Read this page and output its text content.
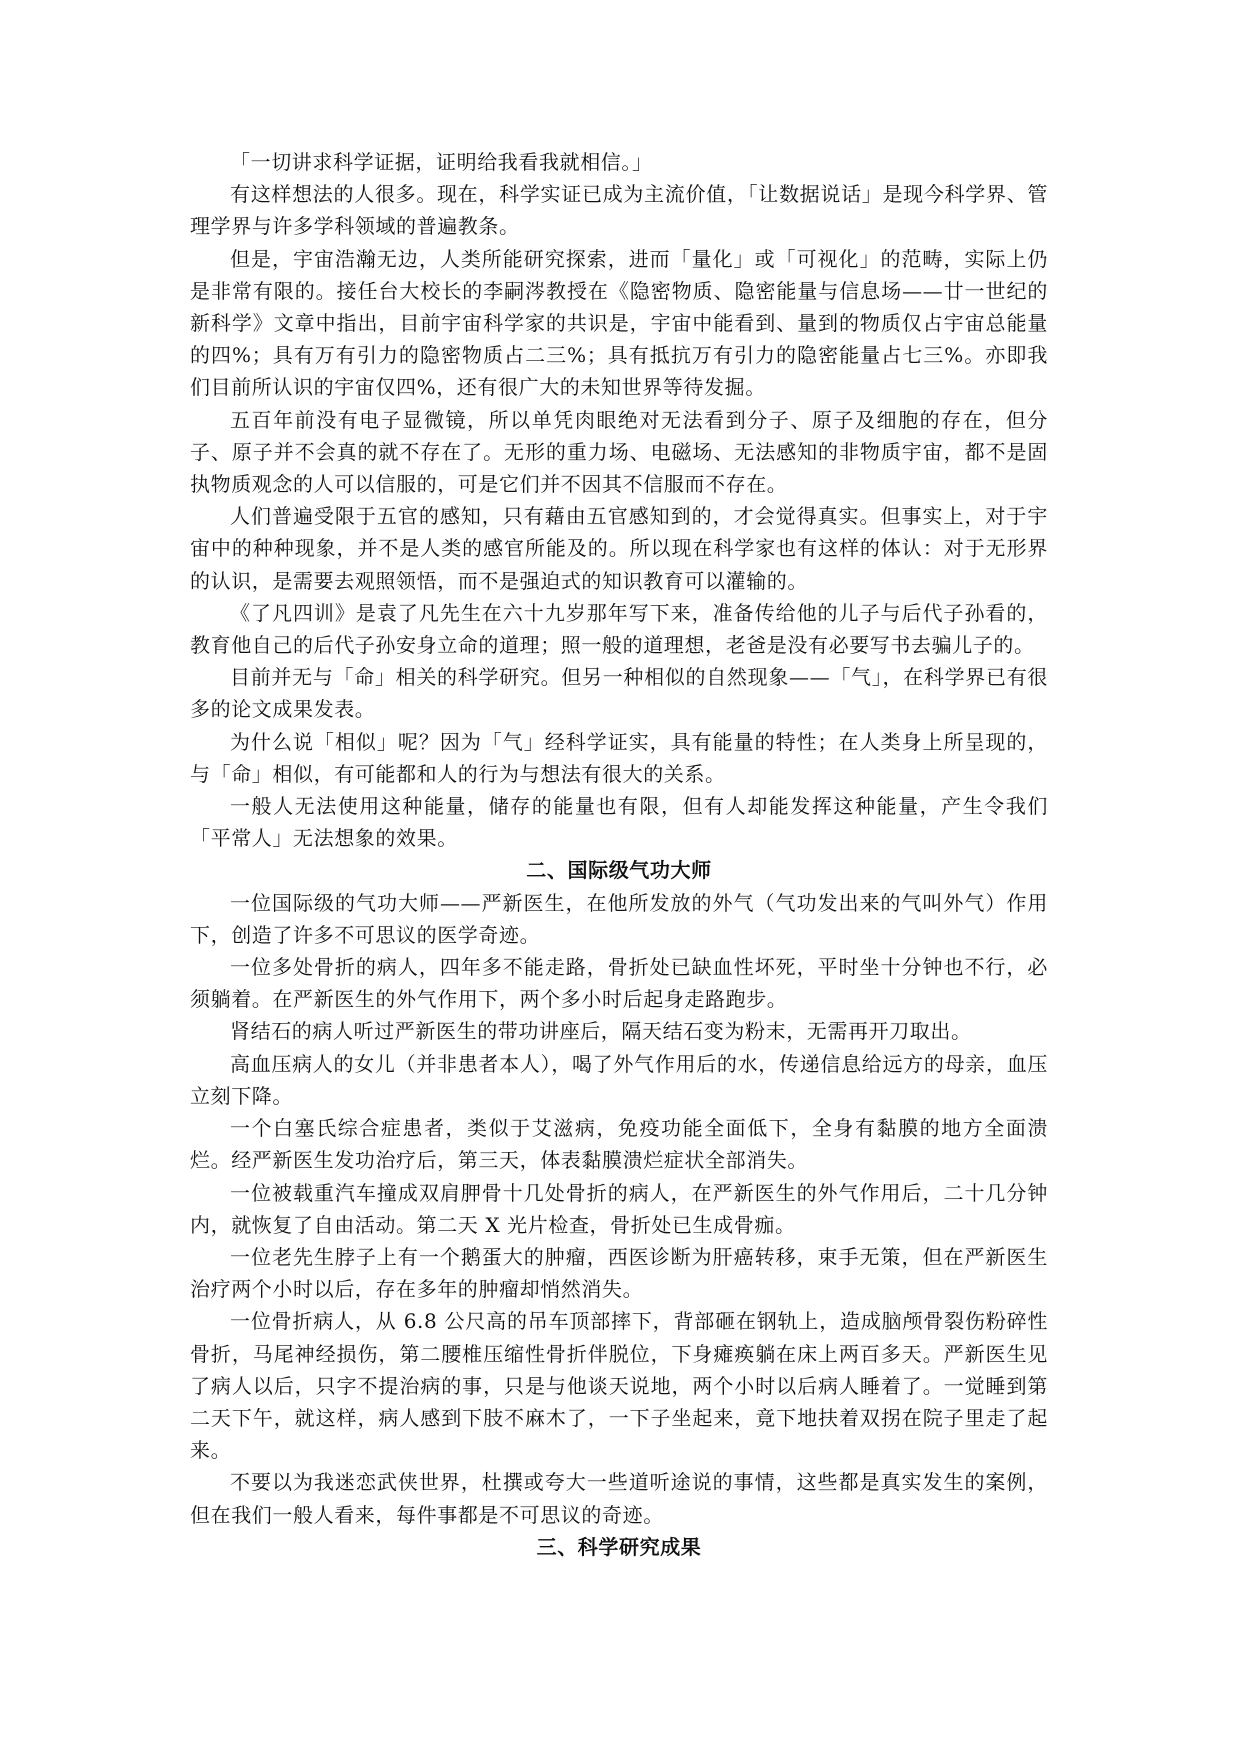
「一切讲求科学证据，证明给我看我就相信。」

有这样想法的人很多。现在，科学实证已成为主流价值，「让数据说话」是现今科学界、管理学界与许多学科领域的普遍教条。

但是，宇宙浩瀚无边，人类所能研究探索，进而「量化」或「可视化」的范畴，实际上仍是非常有限的。接任台大校长的李嗣涔教授在《隐密物质、隐密能量与信息场——廿一世纪的新科学》文章中指出，目前宇宙科学家的共识是，宇宙中能看到、量到的物质仅占宇宙总能量的四%；具有万有引力的隐密物质占二三%；具有抵抗万有引力的隐密能量占七三%。亦即我们目前所认识的宇宙仅四%，还有很广大的未知世界等待发掘。

五百年前没有电子显微镜，所以单凭肉眼绝对无法看到分子、原子及细胞的存在，但分子、原子并不会真的就不存在了。无形的重力场、电磁场、无法感知的非物质宇宙，都不是固执物质观念的人可以信服的，可是它们并不因其不信服而不存在。

人们普遍受限于五官的感知，只有藉由五官感知到的，才会觉得真实。但事实上，对于宇宙中的种种现象，并不是人类的感官所能及的。所以现在科学家也有这样的体认：对于无形界的认识，是需要去观照领悟，而不是强迫式的知识教育可以灌输的。

《了凡四训》是袁了凡先生在六十九岁那年写下来，准备传给他的儿子与后代子孙看的，教育他自己的后代子孙安身立命的道理；照一般的道理想，老爸是没有必要写书去骗儿子的。

目前并无与「命」相关的科学研究。但另一种相似的自然现象——「气」，在科学界已有很多的论文成果发表。

为什么说「相似」呢？因为「气」经科学证实，具有能量的特性；在人类身上所呈现的，与「命」相似，有可能都和人的行为与想法有很大的关系。

一般人无法使用这种能量，储存的能量也有限，但有人却能发挥这种能量，产生令我们「平常人」无法想象的效果。

二、国际级气功大师

一位国际级的气功大师——严新医生，在他所发放的外气（气功发出来的气叫外气）作用下，创造了许多不可思议的医学奇迹。

一位多处骨折的病人，四年多不能走路，骨折处已缺血性坏死，平时坐十分钟也不行，必须躺着。在严新医生的外气作用下，两个多小时后起身走路跑步。

肾结石的病人听过严新医生的带功讲座后，隔天结石变为粉末，无需再开刀取出。

高血压病人的女儿（并非患者本人），喝了外气作用后的水，传递信息给远方的母亲，血压立刻下降。

一个白塞氏综合症患者，类似于艾滋病，免疫功能全面低下，全身有黏膜的地方全面溃烂。经严新医生发功治疗后，第三天，体表黏膜溃烂症状全部消失。

一位被载重汽车撞成双肩胛骨十几处骨折的病人，在严新医生的外气作用后，二十几分钟内，就恢复了自由活动。第二天 X 光片检查，骨折处已生成骨痂。

一位老先生脖子上有一个鹅蛋大的肿瘤，西医诊断为肝癌转移，束手无策，但在严新医生治疗两个小时以后，存在多年的肿瘤却悄然消失。

一位骨折病人，从 6.8 公尺高的吊车顶部摔下，背部砸在钢轨上，造成脑颅骨裂伤粉碎性骨折，马尾神经损伤，第二腰椎压缩性骨折伴脱位，下身瘫痪躺在床上两百多天。严新医生见了病人以后，只字不提治病的事，只是与他谈天说地，两个小时以后病人睡着了。一觉睡到第二天下午，就这样，病人感到下肢不麻木了，一下子坐起来，竟下地扶着双拐在院子里走了起来。

不要以为我迷恋武侠世界，杜撰或夸大一些道听途说的事情，这些都是真实发生的案例，但在我们一般人看来，每件事都是不可思议的奇迹。

三、科学研究成果
